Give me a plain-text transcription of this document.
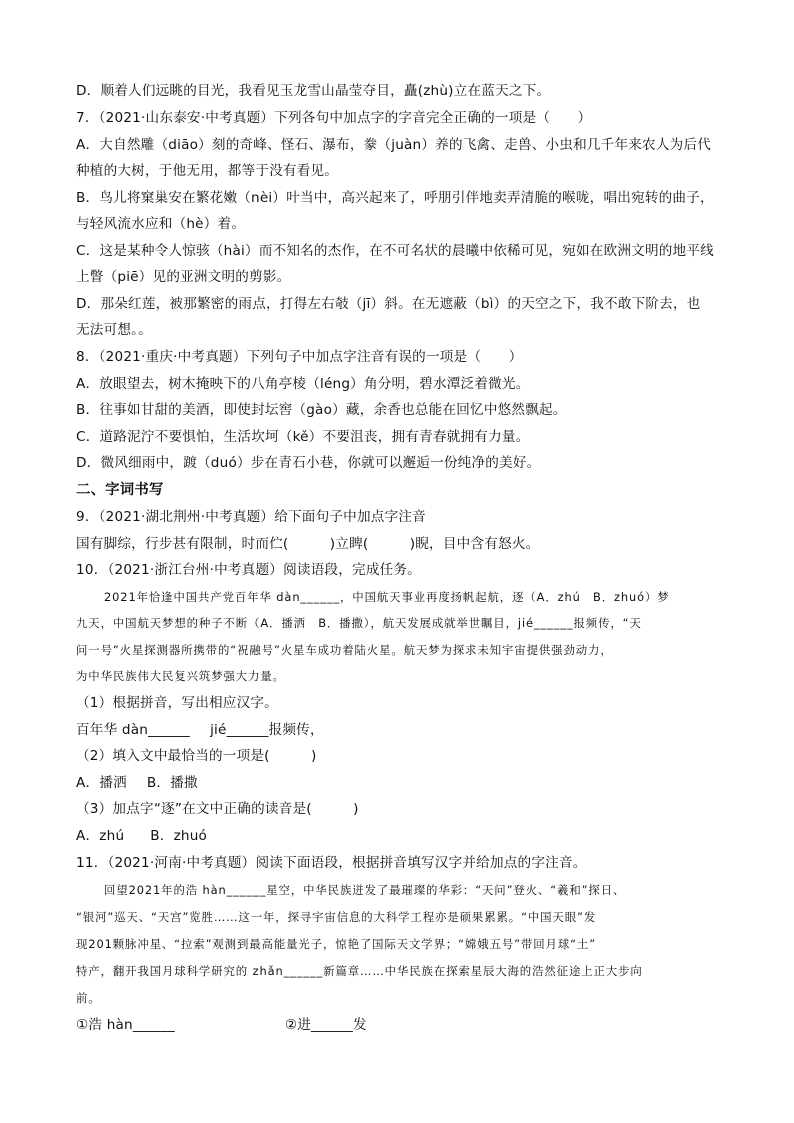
D．顺着人们远眺的目光，我看见玉龙雪山晶莹夺目，矗(zhù)立在蓝天之下。
7．（2021·山东泰安·中考真题）下列各句中加点字的字音完全正确的一项是（　　）
A．大自然雕（diāo）刻的奇峰、怪石、瀑布，豢（juàn）养的飞禽、走兽、小虫和几千年来农人为后代
种植的大树，于他无用，都等于没有看见。
B．鸟儿将窠巢安在繁花嫩（nèi）叶当中，高兴起来了，呼朋引伴地卖弄清脆的喉咙，唱出宛转的曲子，
与轻风流水应和（hè）着。
C．这是某种令人惊骇（hài）而不知名的杰作，在不可名状的晨曦中依稀可见，宛如在欧洲文明的地平线
上瞥（piē）见的亚洲文明的剪影。
D．那朵红莲，被那繁密的雨点，打得左右攲（jī）斜。在无遮蔽（bì）的天空之下，我不敢下阶去，也
无法可想。。
8．（2021·重庆·中考真题）下列句子中加点字注音有误的一项是（　　）
A．放眼望去，树木掩映下的八角亭棱（léng）角分明，碧水潭泛着微光。
B．往事如甘甜的美酒，即使封坛窖（gào）藏，余香也总能在回忆中悠然飘起。
C．道路泥泞不要惧怕，生活坎坷（kě）不要沮丧，拥有青春就拥有力量。
D．微风细雨中，踱（duó）步在青石小巷，你就可以邂逅一份纯净的美好。
二、字词书写
9．（2021·湖北荆州·中考真题）给下面句子中加点字注音
国有脚综，行步甚有限制，时而伫(　　　)立睥(　　　)睨，目中含有怒火。
10．（2021·浙江台州·中考真题）阅读语段，完成任务。
2021年恰逢中国共产党百年华 dàn______，中国航天事业再度扬帆起航，逐（A．zhú　B．zhuó）梦
九天，中国航天梦想的种子不断（A．播洒　B．播撒），航天发展成就举世瞩目，jié______报频传，“天
问一号”火星探测器所携带的“祝融号”火星车成功着陆火星。航天梦为探求未知宇宙提供强劲动力，
为中华民族伟大民复兴筑梦强大力量。
（1）根据拼音，写出相应汉字。
百年华 dàn______ jié______报频传，
（2）填入文中最恰当的一项是(　　　)
A．播洒 B．播撒
（3）加点字“逐”在文中正确的读音是(　　　)
A．zhú B．zhuó
11．（2021·河南·中考真题）阅读下面语段，根据拼音填写汉字并给加点的字注音。
回望2021年的浩 hàn______星空，中华民族迸发了最璀璨的华彩：“天问”登火、“羲和”探日、
“银河”巡天、“天宫”览胜……这一年，探寻宇宙信息的大科学工程亦是硕果累累。“中国天眼”发
现201颗脉冲星、“拉索”观测到最高能量光子，惊艳了国际天文学界；“嫦娥五号”带回月球“土”
特产，翻开我国月球科学研究的 zhǎn______新篇章……中华民族在探索星辰大海的浩然征途上正大步向
前。
①浩 hàn______	②进______发
